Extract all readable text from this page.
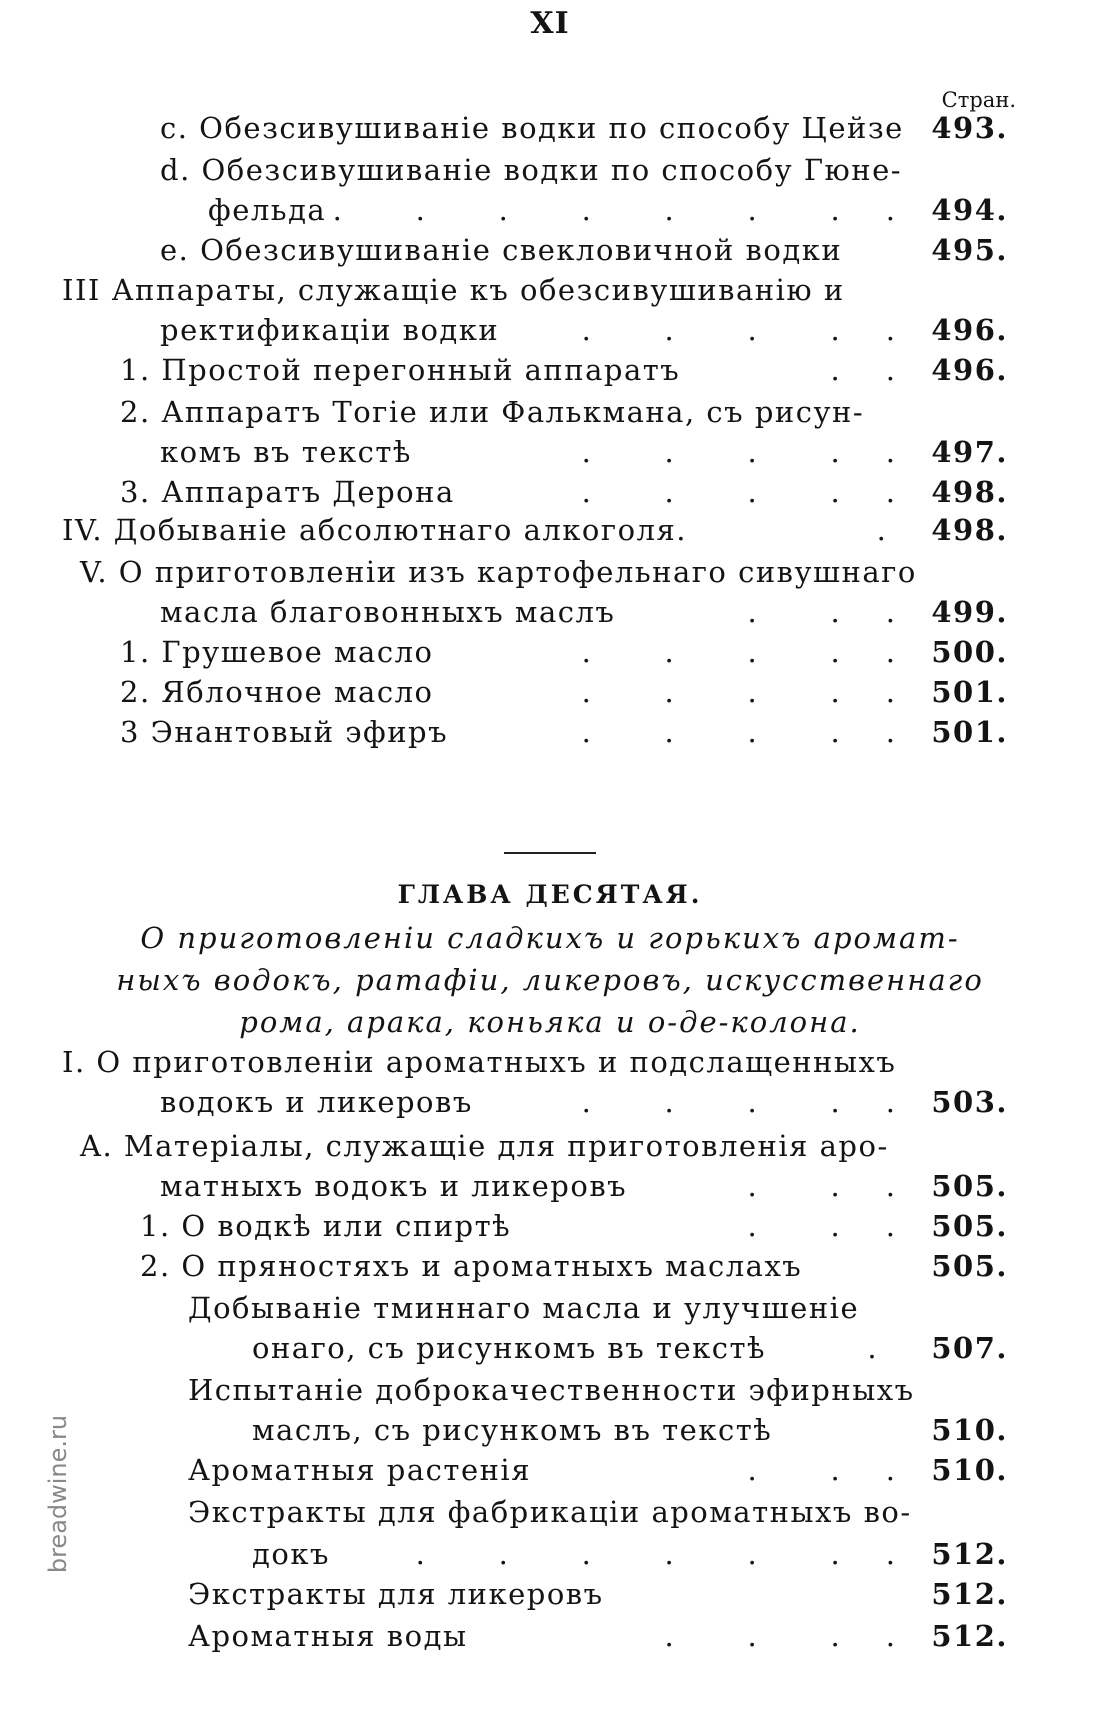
XI
Стран.
c. Обезсивушиваніе водки по способу Цейзе 493.
d. Обезсивушиваніе водки по способу Гюне-
фельда .        .        .        .        .        .        .     . 494.
e. Обезсивушиваніе свекловичной водки	495.
III Аппараты, служащіе къ обезсивушиванію и
ректификаціи водки	.        .        .        .     . 496.
1. Простой перегонный аппаратъ	.     . 496.
2. Аппаратъ Тогіе или Фалькмана, съ рисун-
комъ въ текстѣ	.        .        .        .     . 497.
3. Аппаратъ Дерона	.        .        .        .     . 498.
IV. Добываніе абсолютнаго алкоголя.	. 498.
V. О приготовленіи изъ картофельнаго сивушнаго
масла благовонныхъ маслъ	.        .     . 499.
1. Грушевое масло	.        .        .        .     . 500.
2. Яблочное масло	.        .        .        .     . 501.
3 Энантовый эфиръ	.        .        .        .     . 501.
ГЛАВА ДЕСЯТАЯ.
О приготовленіи сладкихъ и горькихъ аромат-
ныхъ водокъ, ратафіи, ликеровъ, искусственнаго
рома, арака, коньяка и о-де-колона.
I. О приготовленіи ароматныхъ и подслащенныхъ
водокъ и ликеровъ	.        .        .        .     . 503.
A. Матеріалы, служащіе для приготовленія аро-
матныхъ водокъ и ликеровъ	.        .     . 505.
1. О водкѣ или спиртѣ	.        .     . 505.
2. О пряностяхъ и ароматныхъ маслахъ	505.
Добываніе тминнаго масла и улучшеніе
онаго, съ рисункомъ въ текстѣ	. 507.
Испытаніе доброкачественности эфирныхъ
маслъ, съ рисункомъ въ текстѣ	510.
Ароматныя растенія	.        .     . 510.
Экстракты для фабрикаціи ароматныхъ во-
докъ	.        .        .        .        .        .     . 512.
Экстракты для ликеровъ	512.
Ароматныя воды	.        .        .     . 512.
breadwine.ru
